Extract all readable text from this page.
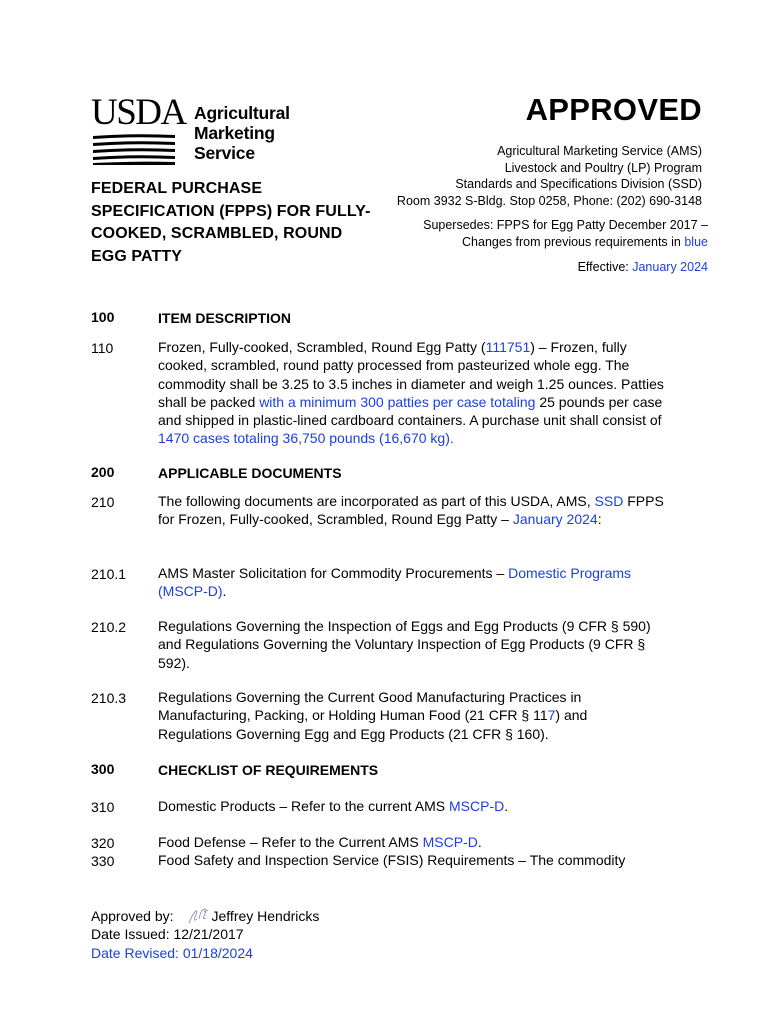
USDA Agricultural
Marketing
Service
APPROVED
Agricultural Marketing Service (AMS)
Livestock and Poultry (LP) Program
Standards and Specifications Division (SSD)
Room 3932 S-Bldg. Stop 0258, Phone: (202) 690-3148
Supersedes: FPPS for Egg Patty December 2017 –
Changes from previous requirements in blue
Effective: January 2024
FEDERAL PURCHASE SPECIFICATION (FPPS) FOR FULLY-COOKED, SCRAMBLED, ROUND EGG PATTY
100	ITEM DESCRIPTION
110	Frozen, Fully-cooked, Scrambled, Round Egg Patty (111751) – Frozen, fully cooked, scrambled, round patty processed from pasteurized whole egg. The commodity shall be 3.25 to 3.5 inches in diameter and weigh 1.25 ounces. Patties shall be packed with a minimum 300 patties per case totaling 25 pounds per case and shipped in plastic-lined cardboard containers. A purchase unit shall consist of 1470 cases totaling 36,750 pounds (16,670 kg).
200	APPLICABLE DOCUMENTS
210	The following documents are incorporated as part of this USDA, AMS, SSD FPPS for Frozen, Fully-cooked, Scrambled, Round Egg Patty – January 2024:
210.1 AMS Master Solicitation for Commodity Procurements – Domestic Programs (MSCP-D).
210.2 Regulations Governing the Inspection of Eggs and Egg Products (9 CFR § 590) and Regulations Governing the Voluntary Inspection of Egg Products (9 CFR § 592).
210.3 Regulations Governing the Current Good Manufacturing Practices in Manufacturing, Packing, or Holding Human Food (21 CFR § 117) and Regulations Governing Egg and Egg Products (21 CFR § 160).
300	CHECKLIST OF REQUIREMENTS
310	Domestic Products – Refer to the current AMS MSCP-D.
320	Food Defense – Refer to the Current AMS MSCP-D.
330	Food Safety and Inspection Service (FSIS) Requirements – The commodity
Approved by:	Jeffrey Hendricks
Date Issued: 12/21/2017
Date Revised: 01/18/2024
